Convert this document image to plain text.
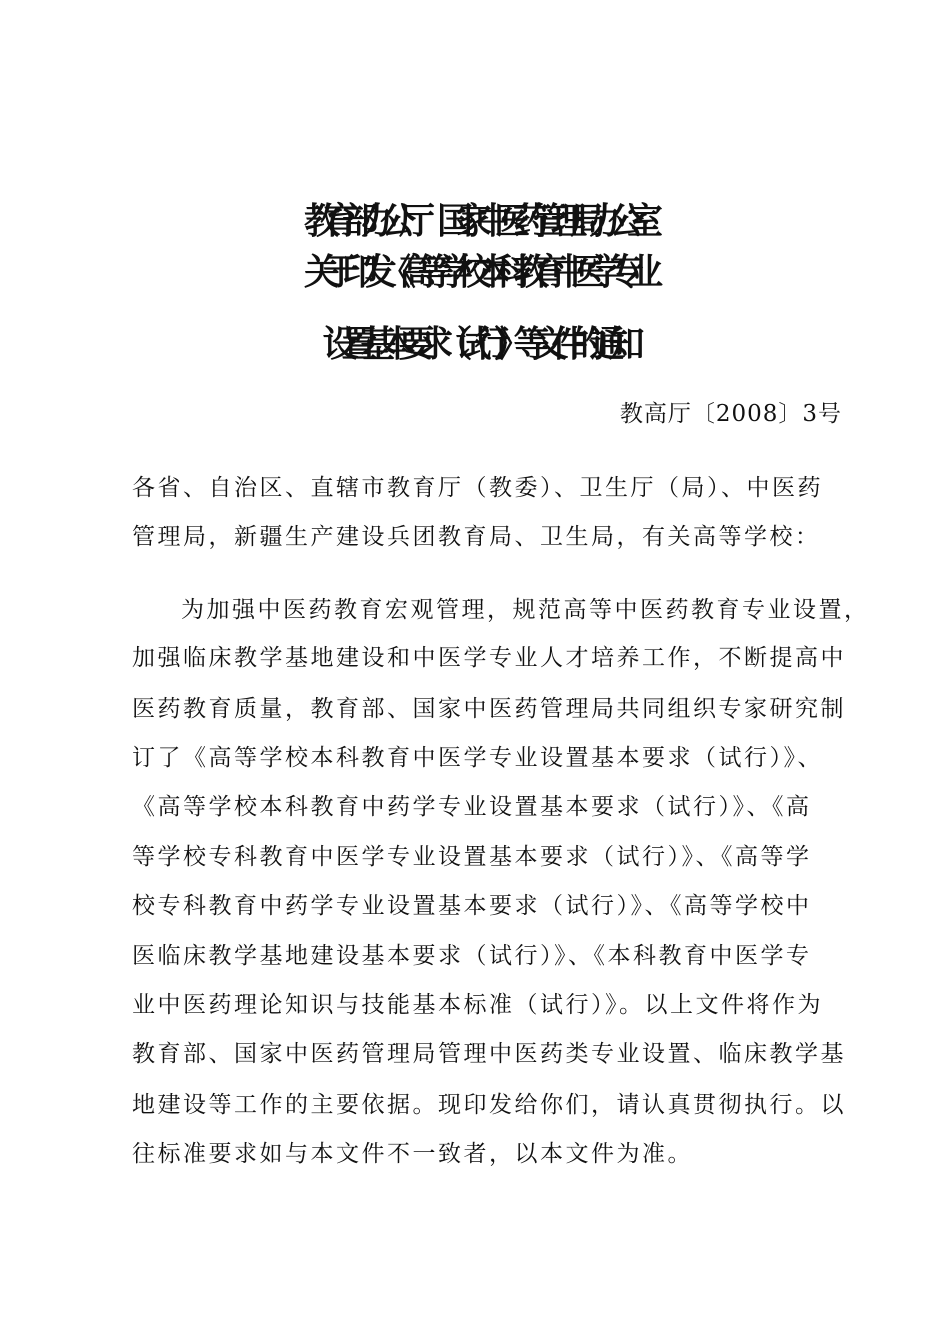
教育部办公厅　国家中医药管理局办公室
关于印发《高等学校本科教育中医学专业
设置基本要求（试行）》等文件的通知
教高厅〔2008〕3号
各省、自治区、直辖市教育厅（教委）、卫生厅（局）、中医药
管理局，新疆生产建设兵团教育局、卫生局，有关高等学校：
为加强中医药教育宏观管理，规范高等中医药教育专业设置，
加强临床教学基地建设和中医学专业人才培养工作，不断提高中
医药教育质量，教育部、国家中医药管理局共同组织专家研究制
订了《高等学校本科教育中医学专业设置基本要求（试行）》、
《高等学校本科教育中药学专业设置基本要求（试行）》、《高
等学校专科教育中医学专业设置基本要求（试行）》、《高等学
校专科教育中药学专业设置基本要求（试行）》、《高等学校中
医临床教学基地建设基本要求（试行）》、《本科教育中医学专
业中医药理论知识与技能基本标准（试行）》。以上文件将作为
教育部、国家中医药管理局管理中医药类专业设置、临床教学基
地建设等工作的主要依据。现印发给你们，请认真贯彻执行。以
往标准要求如与本文件不一致者，以本文件为准。
